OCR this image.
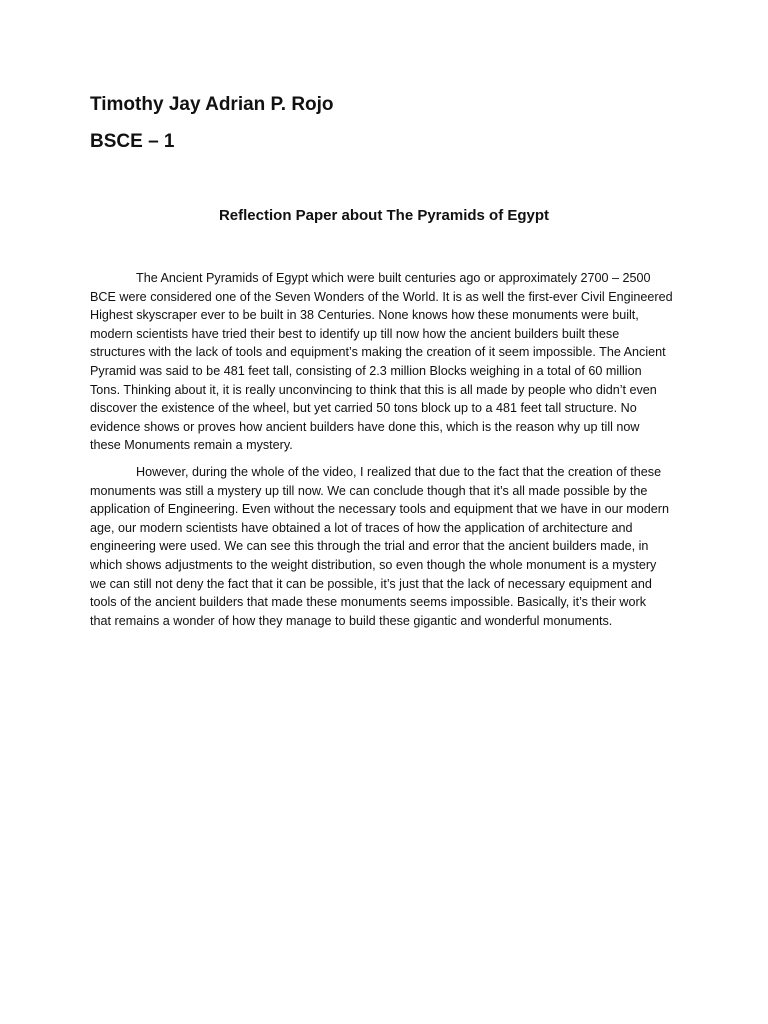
Timothy Jay Adrian P. Rojo
BSCE – 1
Reflection Paper about The Pyramids of Egypt
The Ancient Pyramids of Egypt which were built centuries ago or approximately 2700 – 2500
BCE were considered one of the Seven Wonders of the World. It is as well the first-ever Civil Engineered
Highest skyscraper ever to be built in 38 Centuries. None knows how these monuments were built,
modern scientists have tried their best to identify up till now how the ancient builders built these
structures with the lack of tools and equipment’s making the creation of it seem impossible. The Ancient
Pyramid was said to be 481 feet tall, consisting of 2.3 million Blocks weighing in a total of 60 million
Tons. Thinking about it, it is really unconvincing to think that this is all made by people who didn’t even
discover the existence of the wheel, but yet carried 50 tons block up to a 481 feet tall structure. No
evidence shows or proves how ancient builders have done this, which is the reason why up till now
these Monuments remain a mystery.
However, during the whole of the video, I realized that due to the fact that the creation of these
monuments was still a mystery up till now. We can conclude though that it’s all made possible by the
application of Engineering. Even without the necessary tools and equipment that we have in our modern
age, our modern scientists have obtained a lot of traces of how the application of architecture and
engineering were used. We can see this through the trial and error that the ancient builders made, in
which shows adjustments to the weight distribution, so even though the whole monument is a mystery
we can still not deny the fact that it can be possible, it’s just that the lack of necessary equipment and
tools of the ancient builders that made these monuments seems impossible. Basically, it’s their work
that remains a wonder of how they manage to build these gigantic and wonderful monuments.
